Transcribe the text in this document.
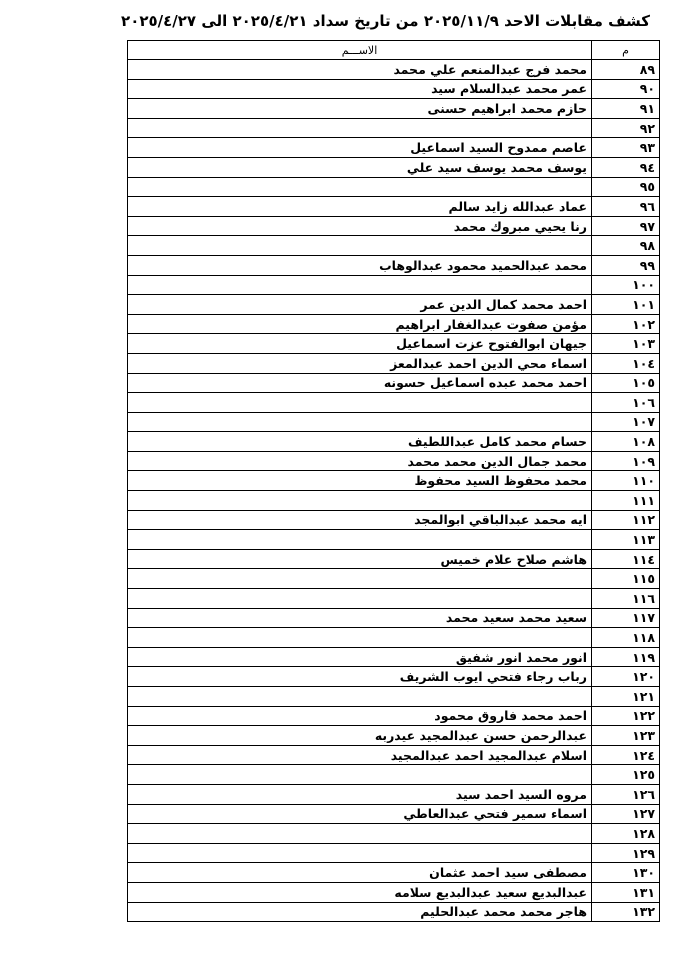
كشف مقابلات الاحد ٢٠٢٥/١١/٩ من تاريخ سداد ٢٠٢٥/٤/٢١ الى ٢٠٢٥/٤/٢٧
م	الاســـم
٨٩	محمد فرج عبدالمنعم علي محمد
٩٠	عمر محمد عبدالسلام سيد
٩١	حازم محمد ابراهيم حسنى
٩٢	
٩٣	عاصم ممدوح السيد اسماعيل
٩٤	يوسف محمد يوسف سيد علي
٩٥	
٩٦	عماد عبدالله زايد سالم
٩٧	رنا يحيي مبروك محمد
٩٨	
٩٩	محمد عبدالحميد محمود عبدالوهاب
١٠٠	
١٠١	احمد محمد كمال الدين عمر
١٠٢	مؤمن صفوت عبدالغفار ابراهيم
١٠٣	جيهان ابوالفتوح عزت اسماعيل
١٠٤	اسماء محي الدين احمد عبدالمعز
١٠٥	احمد محمد عبده اسماعيل حسونه
١٠٦	
١٠٧	
١٠٨	حسام محمد كامل عبداللطيف
١٠٩	محمد جمال الدين محمد محمد
١١٠	محمد محفوظ السيد محفوظ
١١١	
١١٢	ايه محمد عبدالباقي ابوالمجد
١١٣	
١١٤	هاشم صلاح علام خميس
١١٥	
١١٦	
١١٧	سعيد محمد سعيد محمد
١١٨	
١١٩	انور محمد انور شفيق
١٢٠	رباب رجاء فتحي ايوب الشريف
١٢١	
١٢٢	احمد محمد فاروق محمود
١٢٣	عبدالرحمن حسن عبدالمجيد عيدربه
١٢٤	اسلام عبدالمجيد احمد عبدالمجيد
١٢٥	
١٢٦	مروه السيد احمد سيد
١٢٧	اسماء سمير فتحي عبدالعاطي
١٢٨	
١٢٩	
١٣٠	مصطفى سيد احمد عثمان
١٣١	عبدالبديع سعيد عبدالبديع سلامه
١٣٢	هاجر محمد محمد عبدالحليم
